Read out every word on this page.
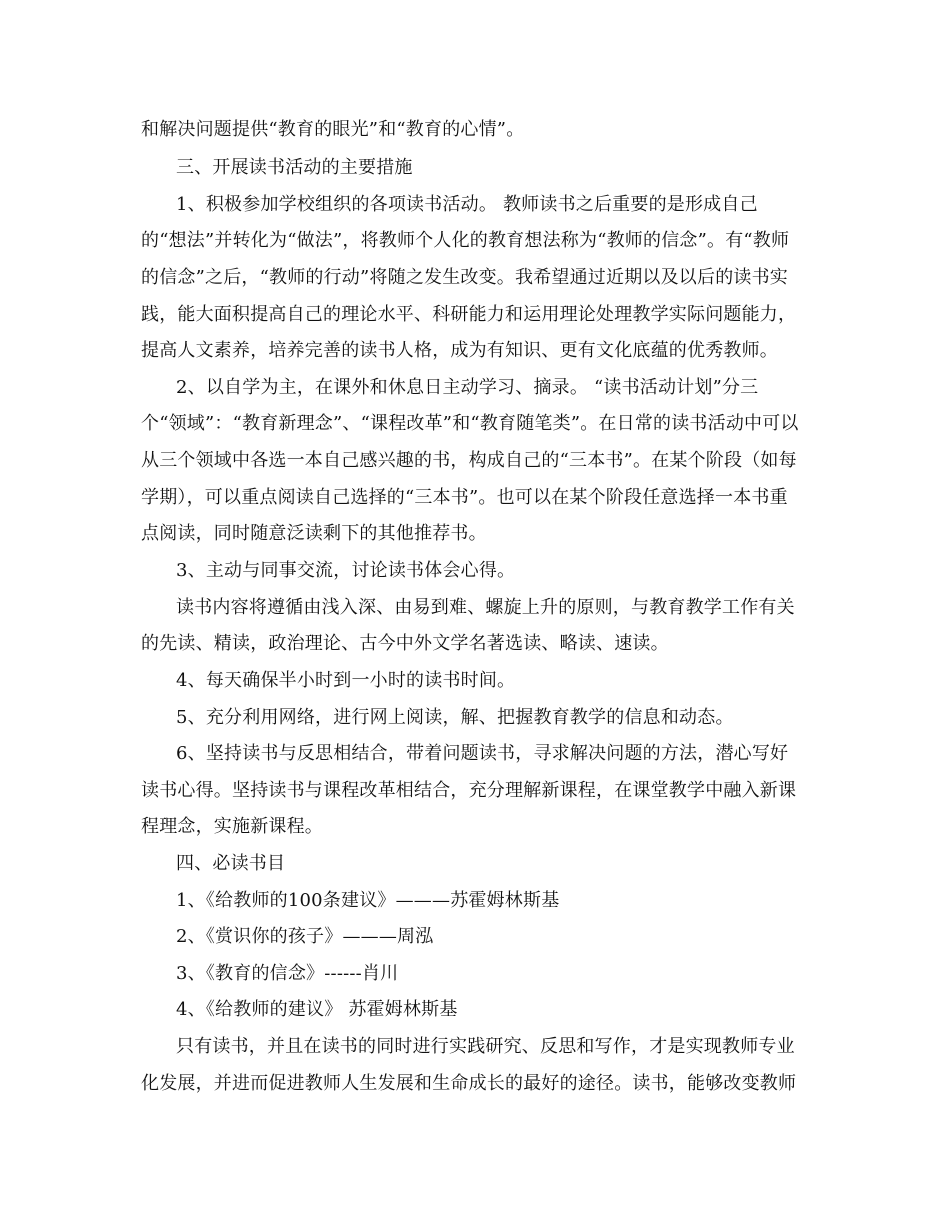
和解决问题提供“教育的眼光”和“教育的心情”。
三、开展读书活动的主要措施
1、积极参加学校组织的各项读书活动。 教师读书之后重要的是形成自己
的“想法”并转化为“做法”，将教师个人化的教育想法称为“教师的信念”。有“教师
的信念”之后，“教师的行动”将随之发生改变。我希望通过近期以及以后的读书实
践，能大面积提高自己的理论水平、科研能力和运用理论处理教学实际问题能力，
提高人文素养，培养完善的读书人格，成为有知识、更有文化底蕴的优秀教师。
2、以自学为主，在课外和休息日主动学习、摘录。 “读书活动计划”分三
个“领域”：“教育新理念”、“课程改革”和“教育随笔类”。在日常的读书活动中可以
从三个领域中各选一本自己感兴趣的书，构成自己的“三本书”。在某个阶段（如每
学期），可以重点阅读自己选择的“三本书”。也可以在某个阶段任意选择一本书重
点阅读，同时随意泛读剩下的其他推荐书。
3、主动与同事交流，讨论读书体会心得。
读书内容将遵循由浅入深、由易到难、螺旋上升的原则，与教育教学工作有关
的先读、精读，政治理论、古今中外文学名著选读、略读、速读。
4、每天确保半小时到一小时的读书时间。
5、充分利用网络，进行网上阅读，解、把握教育教学的信息和动态。
6、坚持读书与反思相结合，带着问题读书，寻求解决问题的方法，潜心写好
读书心得。坚持读书与课程改革相结合，充分理解新课程，在课堂教学中融入新课
程理念，实施新课程。
四、必读书目
1、《给教师的100条建议》———苏霍姆林斯基
2、《赏识你的孩子》———周泓
3、《教育的信念》------肖川
4、《给教师的建议》 苏霍姆林斯基
只有读书，并且在读书的同时进行实践研究、反思和写作，才是实现教师专业
化发展，并进而促进教师人生发展和生命成长的最好的途径。读书，能够改变教师
